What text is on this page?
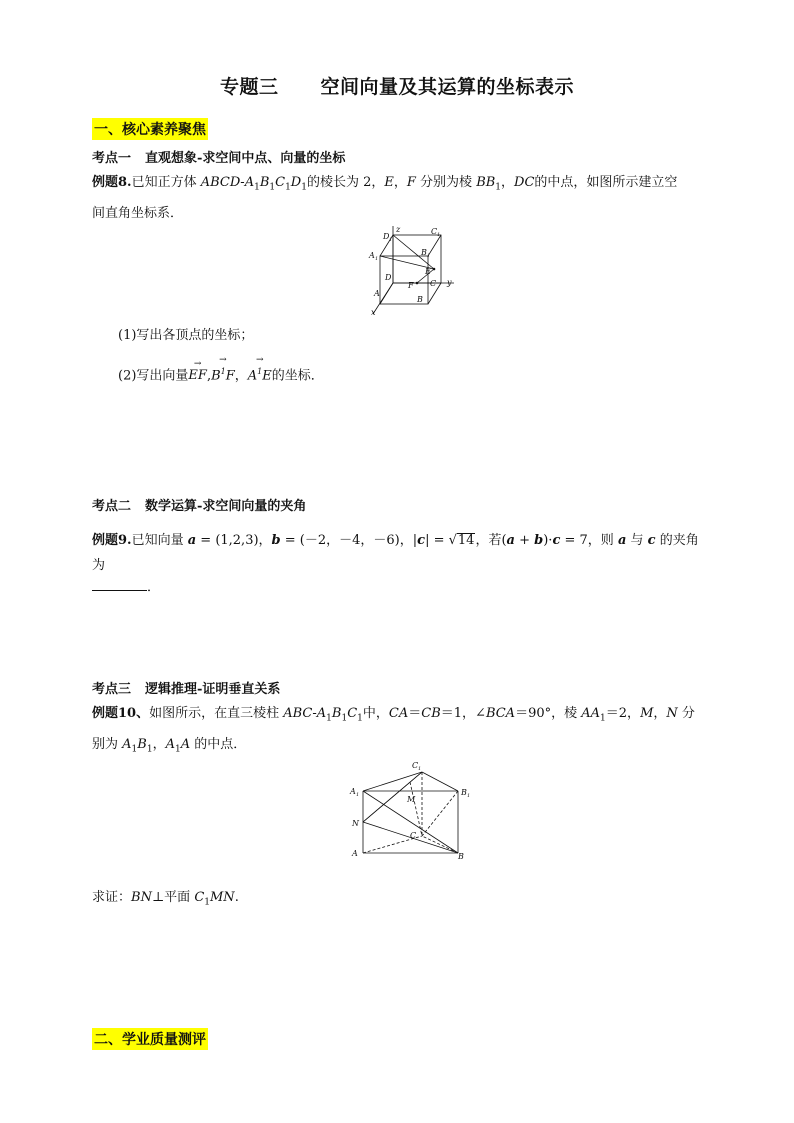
专题三 空间向量及其运算的坐标表示
一、核心素养聚焦
考点一 直观想象-求空间中点、向量的坐标
例题8.已知正方体 ABCD-$A_1B_1C_1D_1$的棱长为 2，E，F 分别为棱 $BB_1$，DC的中点，如图所示建立空
间直角坐标系．
D 1
z	C 1
A 1
B 1
D
E
F C y
A
B
x
(1)写出各顶点的坐标；
(2)写出向量→ $EF,\to B^1F$，→ $A^1E$的坐标．
考点二 数学运算-求空间向量的夹角
例题9.已知向量 a = (1,2,3)，b = (－2，－4，－6)，|c| = √14，若(a + b)·c = 7，则 a 与 c 的夹角为
．
考点三 逻辑推理-证明垂直关系
例题10、如图所示，在直三棱柱 ABC-$A_1B_1C_1$中，CA＝CB＝1，∠BCA＝90°，棱 $AA_1=2$，M，N 分
别为 $A_1B_1$，$A_1A$ 的中点．
C 1
A 1	B 1
M
N
C
A	B
求证：BN⊥平面 $C_1MN$.
二、学业质量测评
